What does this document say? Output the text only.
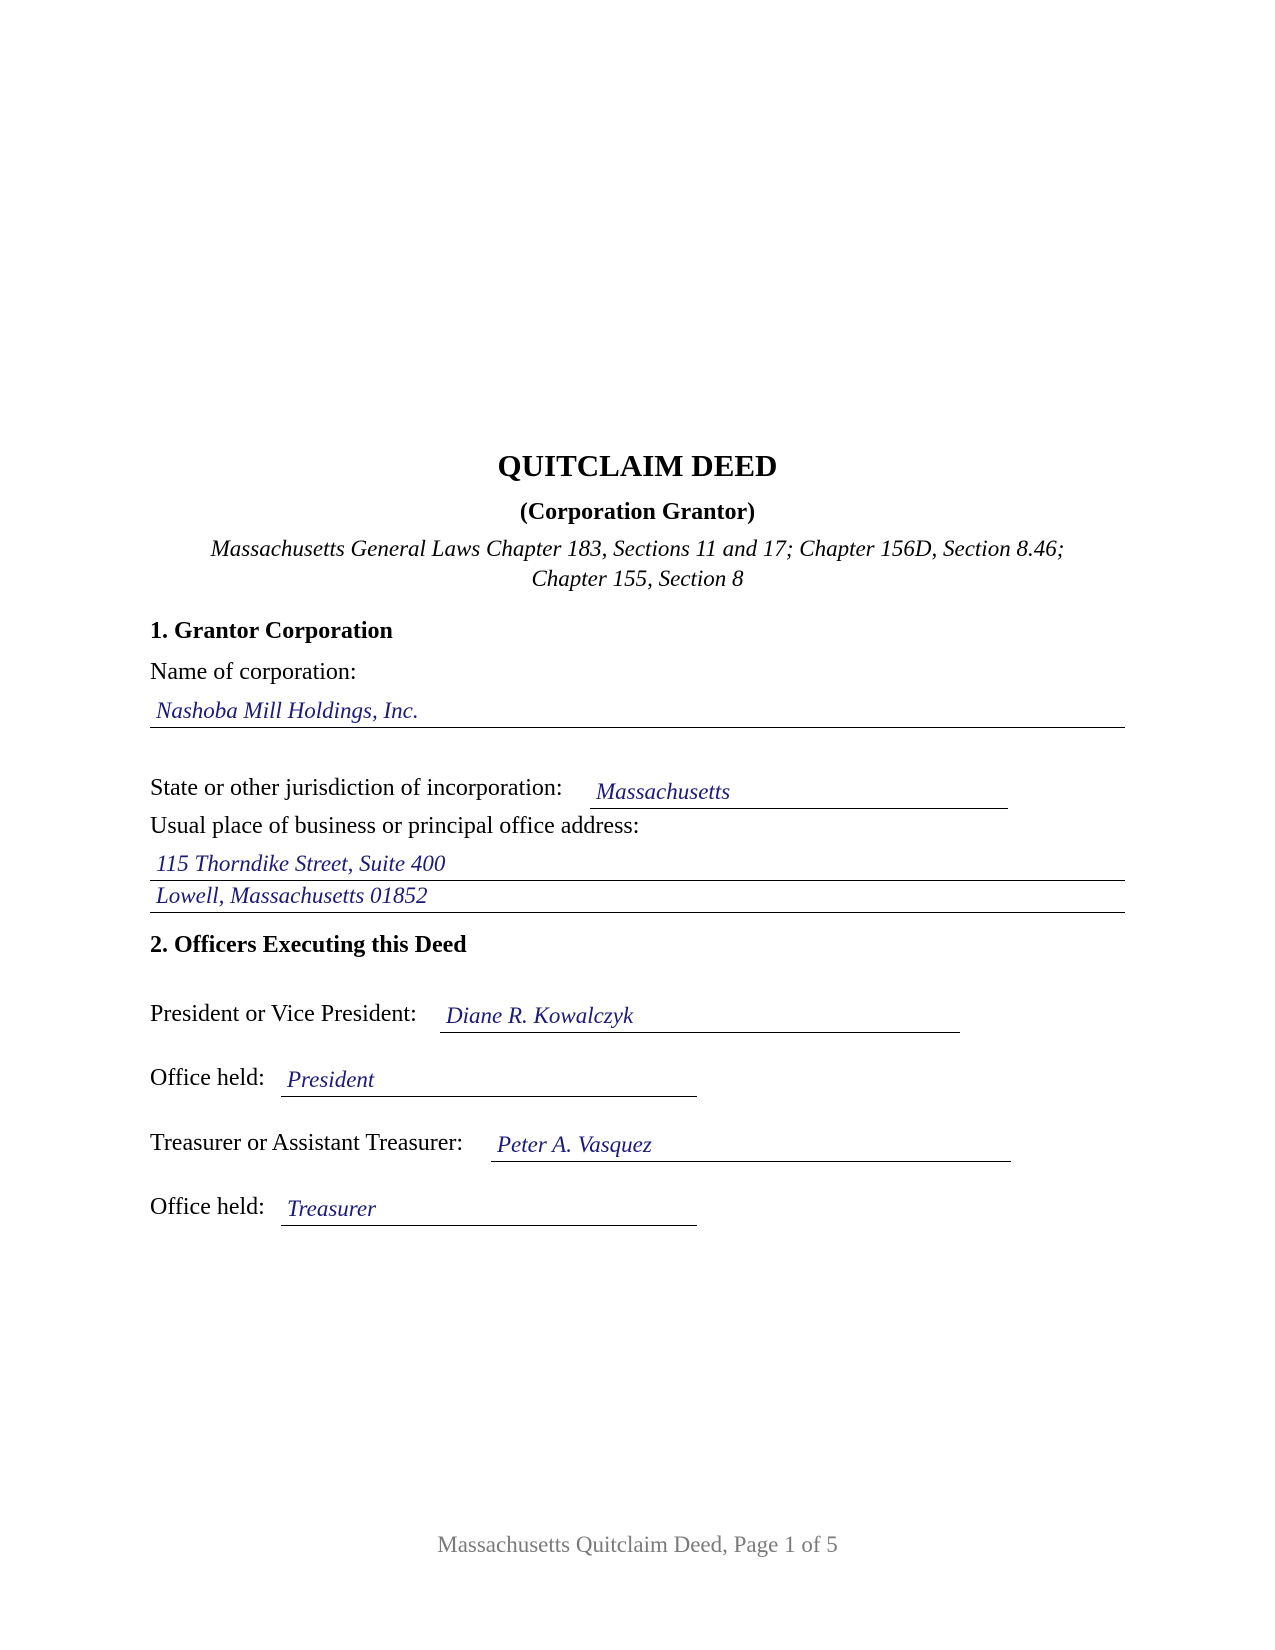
QUITCLAIM DEED
(Corporation Grantor)
Massachusetts General Laws Chapter 183, Sections 11 and 17; Chapter 156D, Section 8.46;
Chapter 155, Section 8
1. Grantor Corporation
Name of corporation:
Nashoba Mill Holdings, Inc.
State or other jurisdiction of incorporation: Massachusetts
Usual place of business or principal office address:
115 Thorndike Street, Suite 400
Lowell, Massachusetts 01852
2. Officers Executing this Deed
President or Vice President: Diane R. Kowalczyk
Office held: President
Treasurer or Assistant Treasurer: Peter A. Vasquez
Office held: Treasurer
Massachusetts Quitclaim Deed, Page 1 of 5
